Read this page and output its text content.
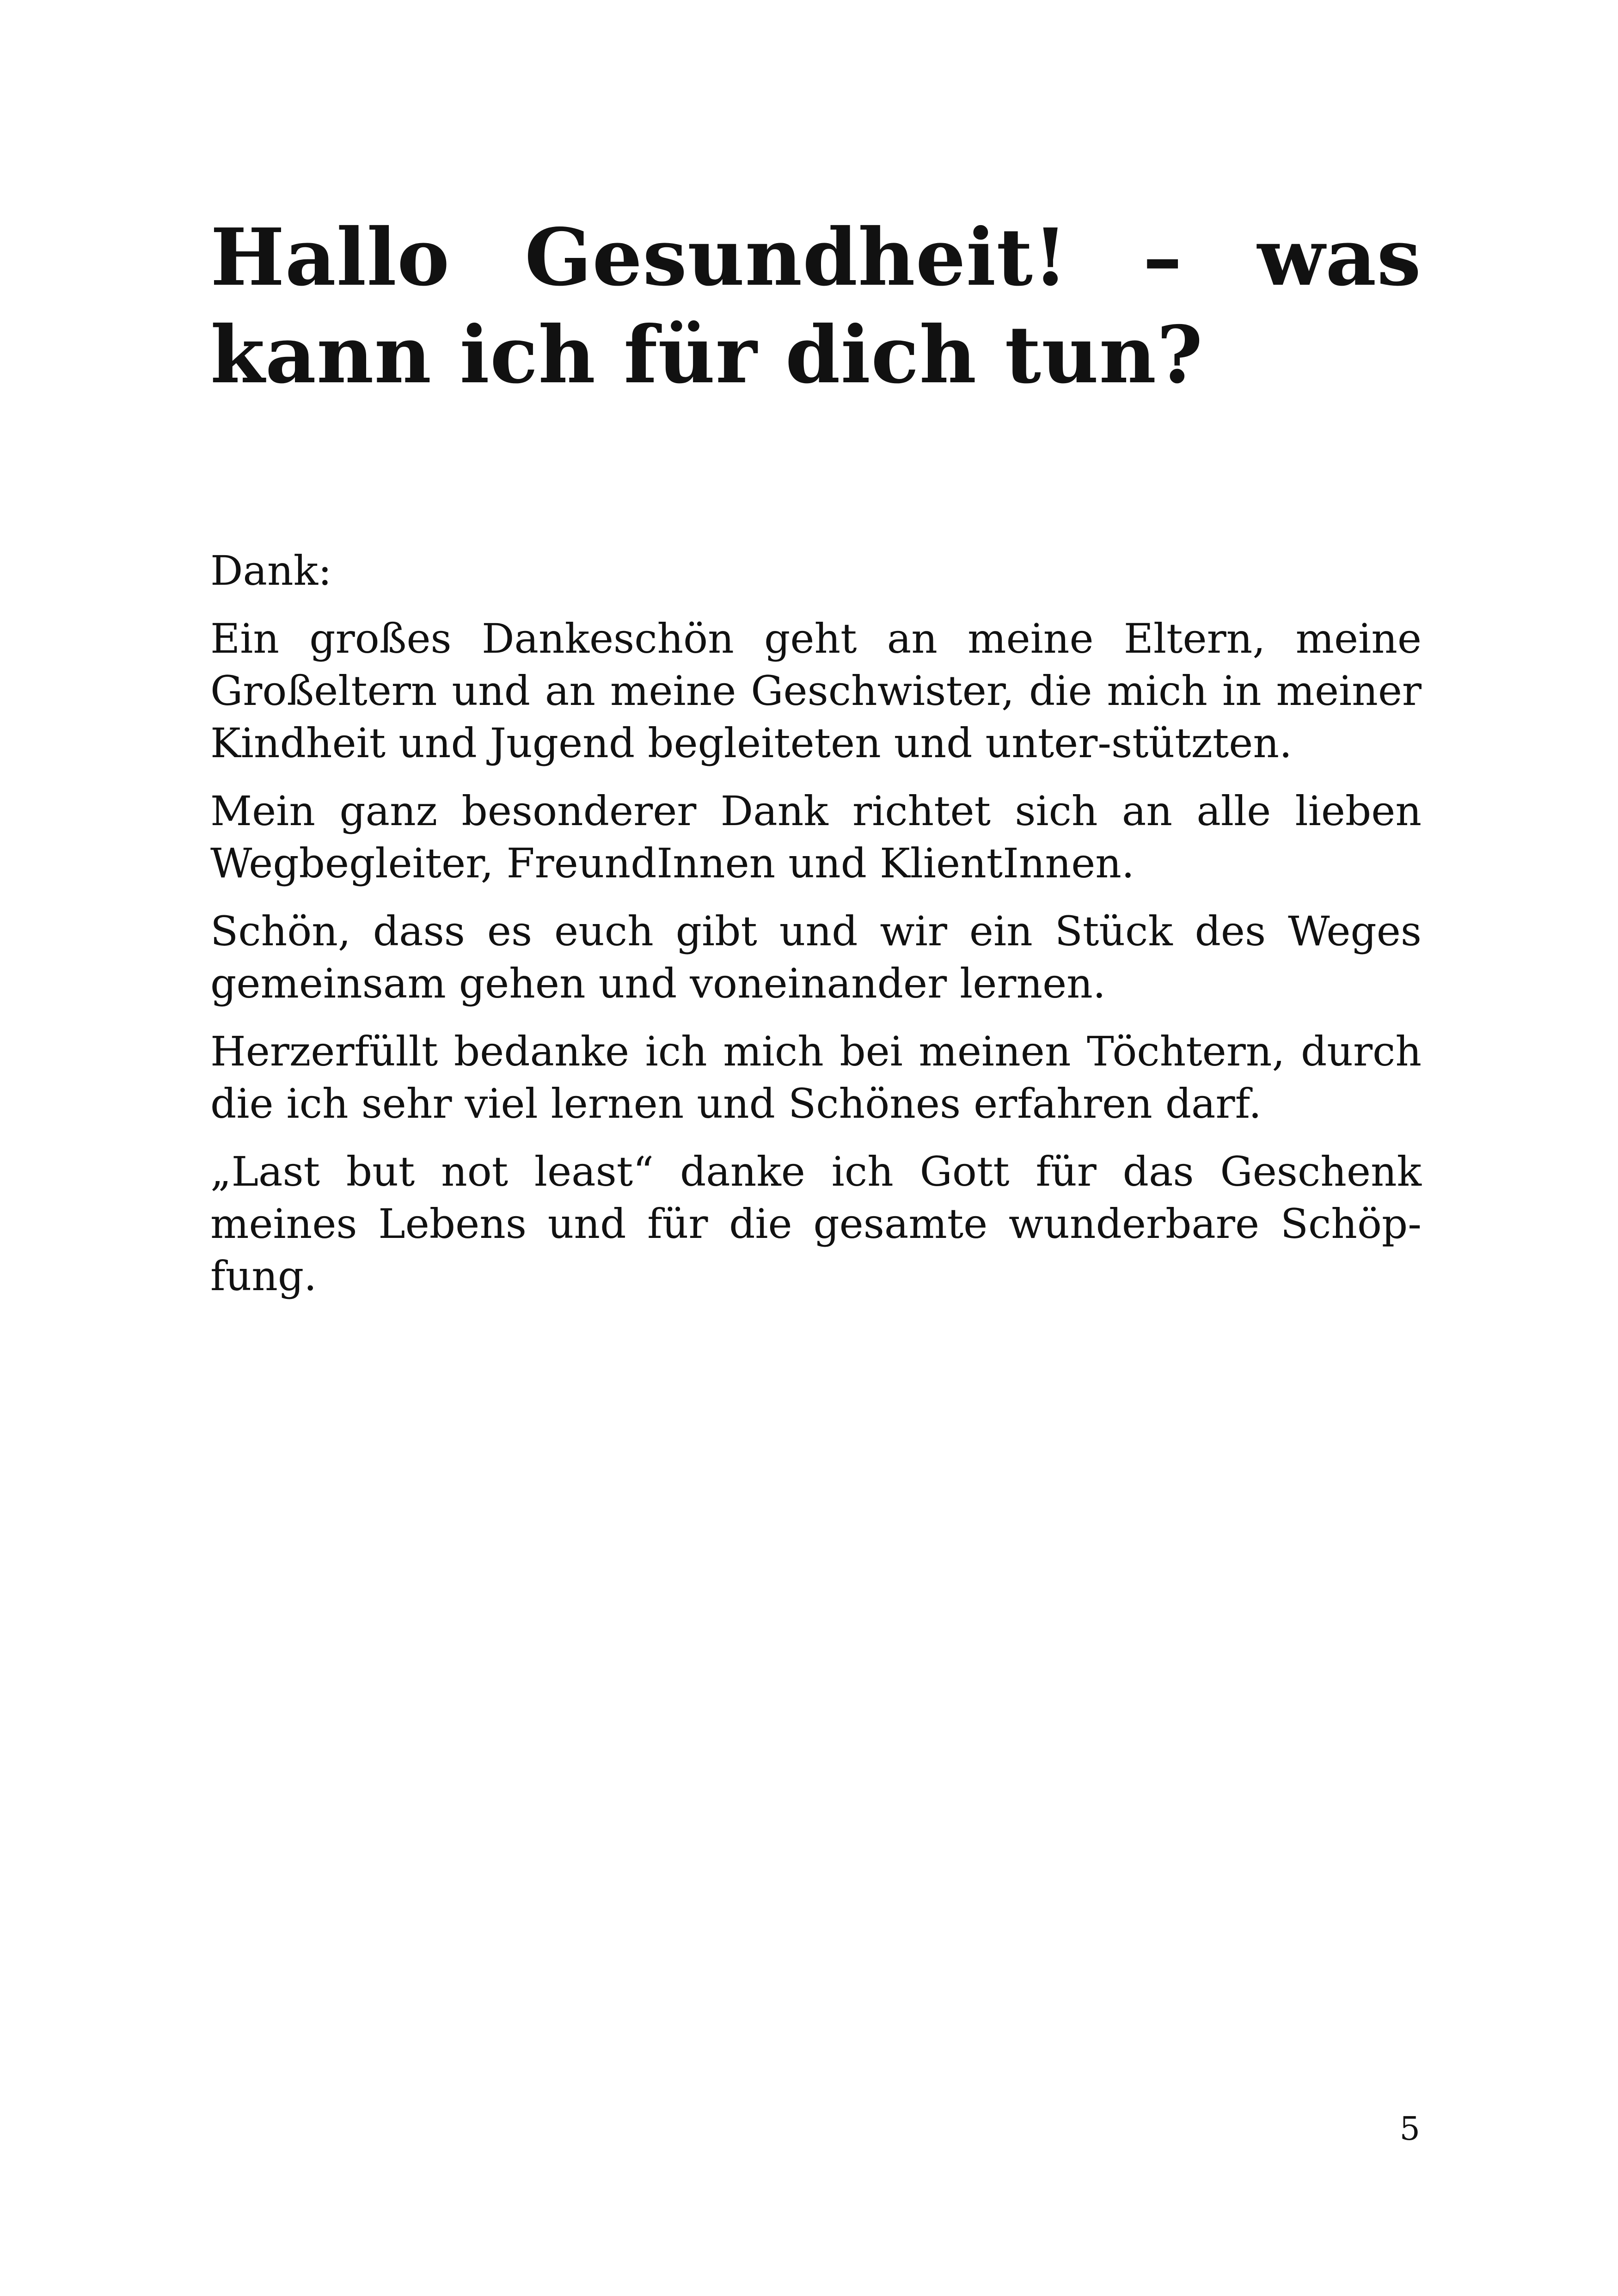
Hallo Gesundheit! – was
kann ich für dich tun?

Dank:

Ein großes Dankeschön geht an meine Eltern, meine Großeltern und an meine Geschwister, die mich in meiner Kindheit und Jugend begleiteten und unter-stützten.

Mein ganz besonderer Dank richtet sich an alle lieben Wegbegleiter, FreundInnen und KlientInnen.

Schön, dass es euch gibt und wir ein Stück des Weges gemeinsam gehen und voneinander lernen.

Herzerfüllt bedanke ich mich bei meinen Töchtern, durch die ich sehr viel lernen und Schönes erfahren darf.

„Last but not least“ danke ich Gott für das Geschenk meines Lebens und für die gesamte wunderbare Schöp-fung.

5
